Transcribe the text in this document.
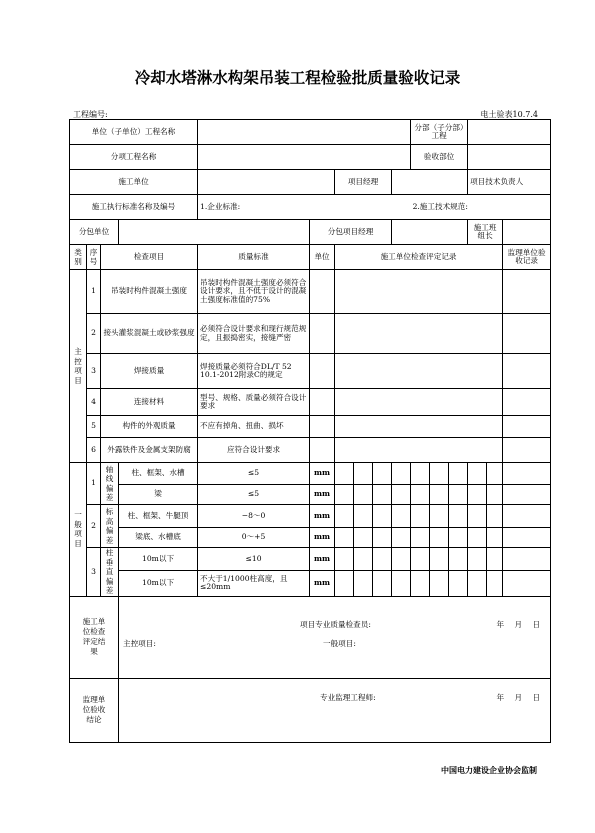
冷却水塔淋水构架吊装工程检验批质量验收记录
工程编号:	电土验表10.7.4
单位（子单位）工程名称										分部（子分部）工程					
分项工程名称										验收部位					
施工单位						项目经理							项目技术负责人		
施工执行标准名称及编号				1.企业标准:						2.施工技术规范:					
分包单位					分包项目经理								施工班组长		
类别	序号	检查项目		质量标准	单位	施工单位检查评定记录									监理单位验收记录
主控项目	1	吊装时构件混凝土强度		吊装时构件混凝土强度必须符合设计要求，且不低于设计的混凝土强度标准值的75%											
	2	接头灌浆混凝土或砂浆强度		必须符合设计要求和现行规范规定，且振捣密实，接缝严密											
	3	焊接质量		焊接质量必须符合DL/T 52 10.1-2012附录C的规定											
	4	连接材料		型号、规格、质量必须符合设计要求											
	5	构件的外观质量		不应有掉角、扭曲、损坏											
	6	外露铁件及金属支架防腐		应符合设计要求											
一般项目	1	轴线偏差	柱、框架、水槽	≤5	mm										
			梁	≤5	mm										
	2	标高偏差	柱、框架、牛腿顶	−8～0	mm										
			梁底、水槽底	0～+5	mm										
	3	柱垂直偏差	10m以下	≤10	mm										
			10m以下	不大于1/1000柱高度，且≤20mm	mm										
施工单位检查评定结果			主控项目: 一般项目:
项目专业质量检查员: 年 月 日												

监理单位验收结论			专业监理工程师: 年 月 日												
中国电力建设企业协会监制
